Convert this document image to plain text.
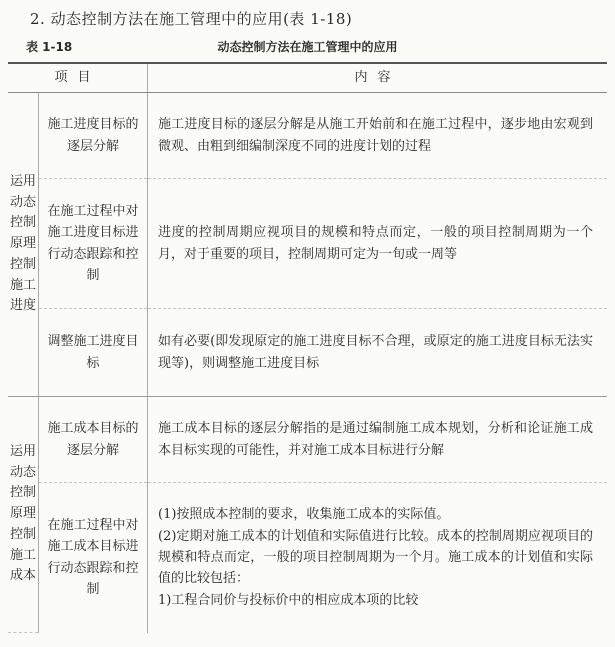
2. 动态控制方法在施工管理中的应用(表 1-18)
表 1-18	动态控制方法在施工管理中的应用
项目		内容
运用动态控制原理控制施工进度	施工进度目标的逐层分解	施工进度目标的逐层分解是从施工开始前和在施工过程中，逐步地由宏观到微观、由粗到细编制深度不同的进度计划的过程

	在施工过程中对施工进度目标进行动态跟踪和控制	进度的控制周期应视项目的规模和特点而定，一般的项目控制周期为一个月，对于重要的项目，控制周期可定为一旬或一周等

	调整施工进度目标	如有必要(即发现原定的施工进度目标不合理，或原定的施工进度目标无法实现等)，则调整施工进度目标

运用动态控制原理控制施工成本	施工成本目标的逐层分解	施工成本目标的逐层分解指的是通过编制施工成本规划，分析和论证施工成本目标实现的可能性，并对施工成本目标进行分解

	在施工过程中对施工成本目标进行动态跟踪和控制	(1)按照成本控制的要求，收集施工成本的实际值。

(2)定期对施工成本的计划值和实际值进行比较。成本的控制周期应视项目的规模和特点而定，一般的项目控制周期为一个月。施工成本的计划值和实际值的比较包括：

1)工程合同价与投标价中的相应成本项的比较
